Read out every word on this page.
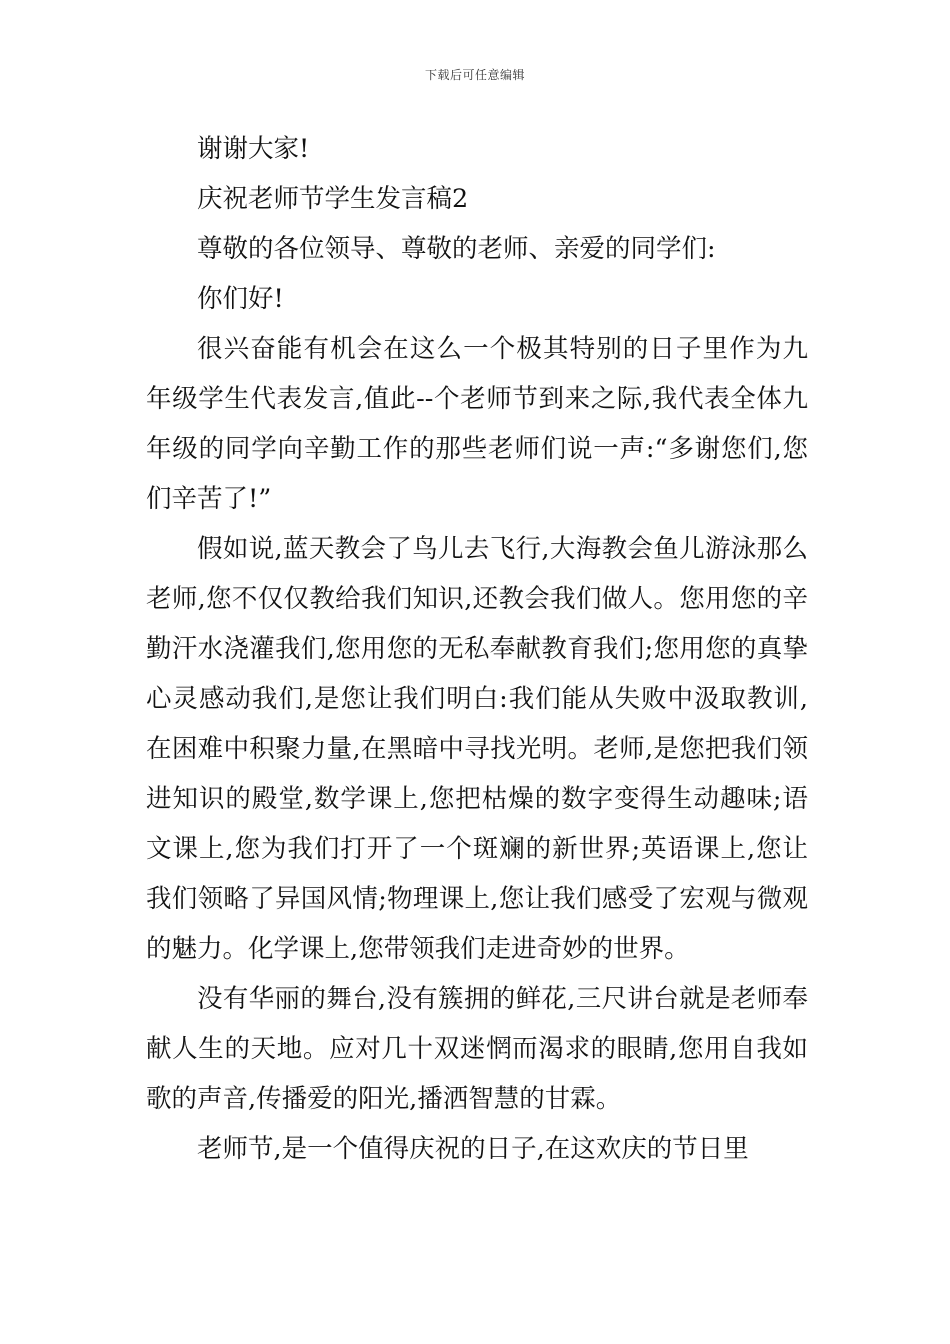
下载后可任意编辑

谢谢大家!

庆祝老师节学生发言稿2

尊敬的各位领导、尊敬的老师、亲爱的同学们:

你们好!

很兴奋能有机会在这么一个极其特别的日子里作为九年级学生代表发言,值此--个老师节到来之际,我代表全体九年级的同学向辛勤工作的那些老师们说一声:“多谢您们,您们辛苦了!”

假如说,蓝天教会了鸟儿去飞行,大海教会鱼儿游泳那么老师,您不仅仅教给我们知识,还教会我们做人。您用您的辛勤汗水浇灌我们,您用您的无私奉献教育我们;您用您的真挚心灵感动我们,是您让我们明白:我们能从失败中汲取教训,在困难中积聚力量,在黑暗中寻找光明。老师,是您把我们领进知识的殿堂,数学课上,您把枯燥的数字变得生动趣味;语文课上,您为我们打开了一个斑斓的新世界;英语课上,您让我们领略了异国风情;物理课上,您让我们感受了宏观与微观的魅力。化学课上,您带领我们走进奇妙的世界。

没有华丽的舞台,没有簇拥的鲜花,三尺讲台就是老师奉献人生的天地。应对几十双迷惘而渴求的眼睛,您用自我如歌的声音,传播爱的阳光,播洒智慧的甘霖。

老师节,是一个值得庆祝的日子,在这欢庆的节日里
